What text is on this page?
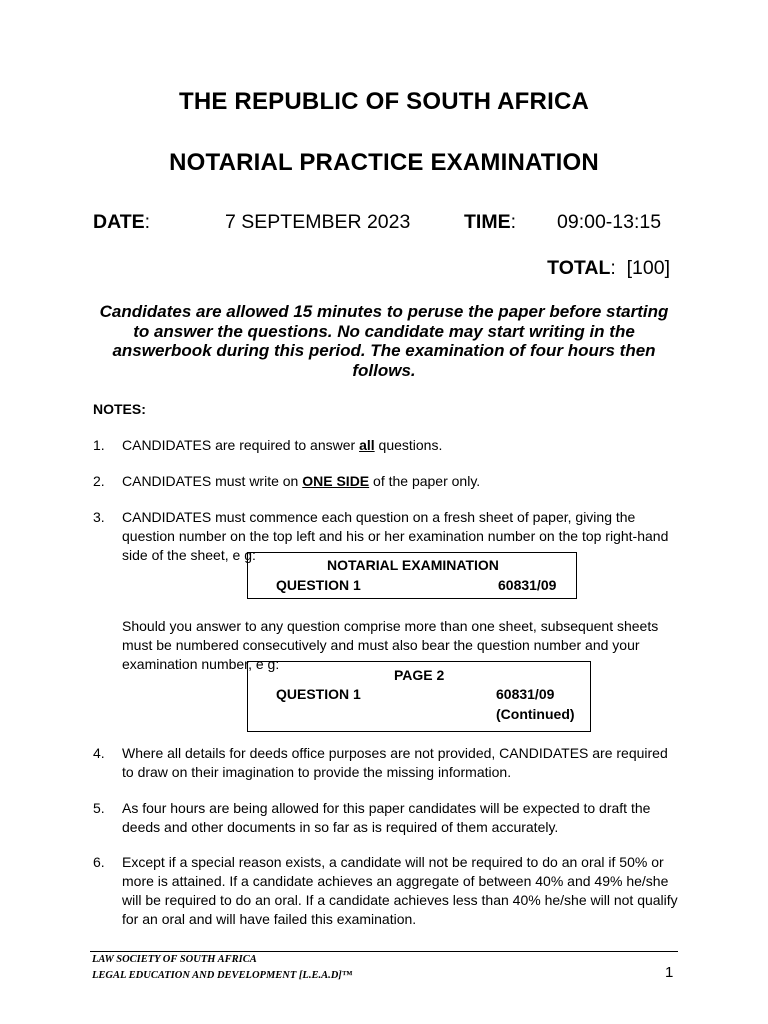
THE REPUBLIC OF SOUTH AFRICA
NOTARIAL PRACTICE EXAMINATION
DATE:	7 SEPTEMBER 2023	TIME: 09:00-13:15
TOTAL:  [100]
Candidates are allowed 15 minutes to peruse the paper before starting to answer the questions. No candidate may start writing in the answerbook during this period. The examination of four hours then follows.
NOTES:
1. CANDIDATES are required to answer all questions.
2. CANDIDATES must write on ONE SIDE of the paper only.
3. CANDIDATES must commence each question on a fresh sheet of paper, giving the question number on the top left and his or her examination number on the top right-hand side of the sheet, e g:
NOTARIAL EXAMINATION
QUESTION 1	60831/09
Should you answer to any question comprise more than one sheet, subsequent sheets must be numbered consecutively and must also bear the question number and your examination number, e g:
PAGE 2
QUESTION 1	60831/09
(Continued)
4. Where all details for deeds office purposes are not provided, CANDIDATES are required to draw on their imagination to provide the missing information.
5. As four hours are being allowed for this paper candidates will be expected to draft the deeds and other documents in so far as is required of them accurately.
6. Except if a special reason exists, a candidate will not be required to do an oral if 50% or more is attained. If a candidate achieves an aggregate of between 40% and 49% he/she will be required to do an oral. If a candidate achieves less than 40% he/she will not qualify for an oral and will have failed this examination.
LAW SOCIETY OF SOUTH AFRICA
LEGAL EDUCATION AND DEVELOPMENT [L.E.A.D]™	1
